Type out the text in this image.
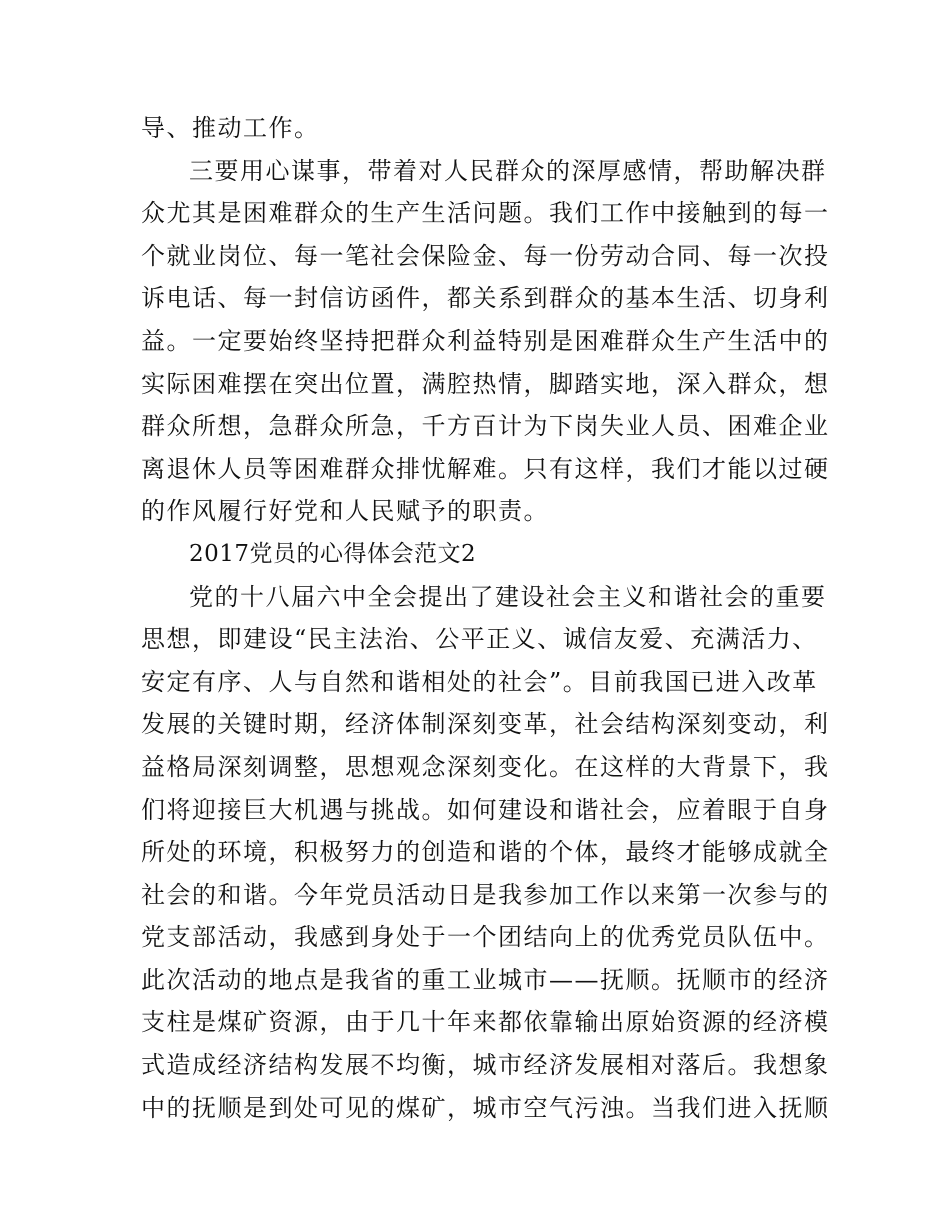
导、推动工作。
三要用心谋事，带着对人民群众的深厚感情，帮助解决群
众尤其是困难群众的生产生活问题。我们工作中接触到的每一
个就业岗位、每一笔社会保险金、每一份劳动合同、每一次投
诉电话、每一封信访函件，都关系到群众的基本生活、切身利
益。一定要始终坚持把群众利益特别是困难群众生产生活中的
实际困难摆在突出位置，满腔热情，脚踏实地，深入群众，想
群众所想，急群众所急，千方百计为下岗失业人员、困难企业
离退休人员等困难群众排忧解难。只有这样，我们才能以过硬
的作风履行好党和人民赋予的职责。
2017党员的心得体会范文2
党的十八届六中全会提出了建设社会主义和谐社会的重要
思想，即建设“民主法治、公平正义、诚信友爱、充满活力、
安定有序、人与自然和谐相处的社会”。目前我国已进入改革
发展的关键时期，经济体制深刻变革，社会结构深刻变动，利
益格局深刻调整，思想观念深刻变化。在这样的大背景下，我
们将迎接巨大机遇与挑战。如何建设和谐社会，应着眼于自身
所处的环境，积极努力的创造和谐的个体，最终才能够成就全
社会的和谐。今年党员活动日是我参加工作以来第一次参与的
党支部活动，我感到身处于一个团结向上的优秀党员队伍中。
此次活动的地点是我省的重工业城市——抚顺。抚顺市的经济
支柱是煤矿资源，由于几十年来都依靠输出原始资源的经济模
式造成经济结构发展不均衡，城市经济发展相对落后。我想象
中的抚顺是到处可见的煤矿，城市空气污浊。当我们进入抚顺
